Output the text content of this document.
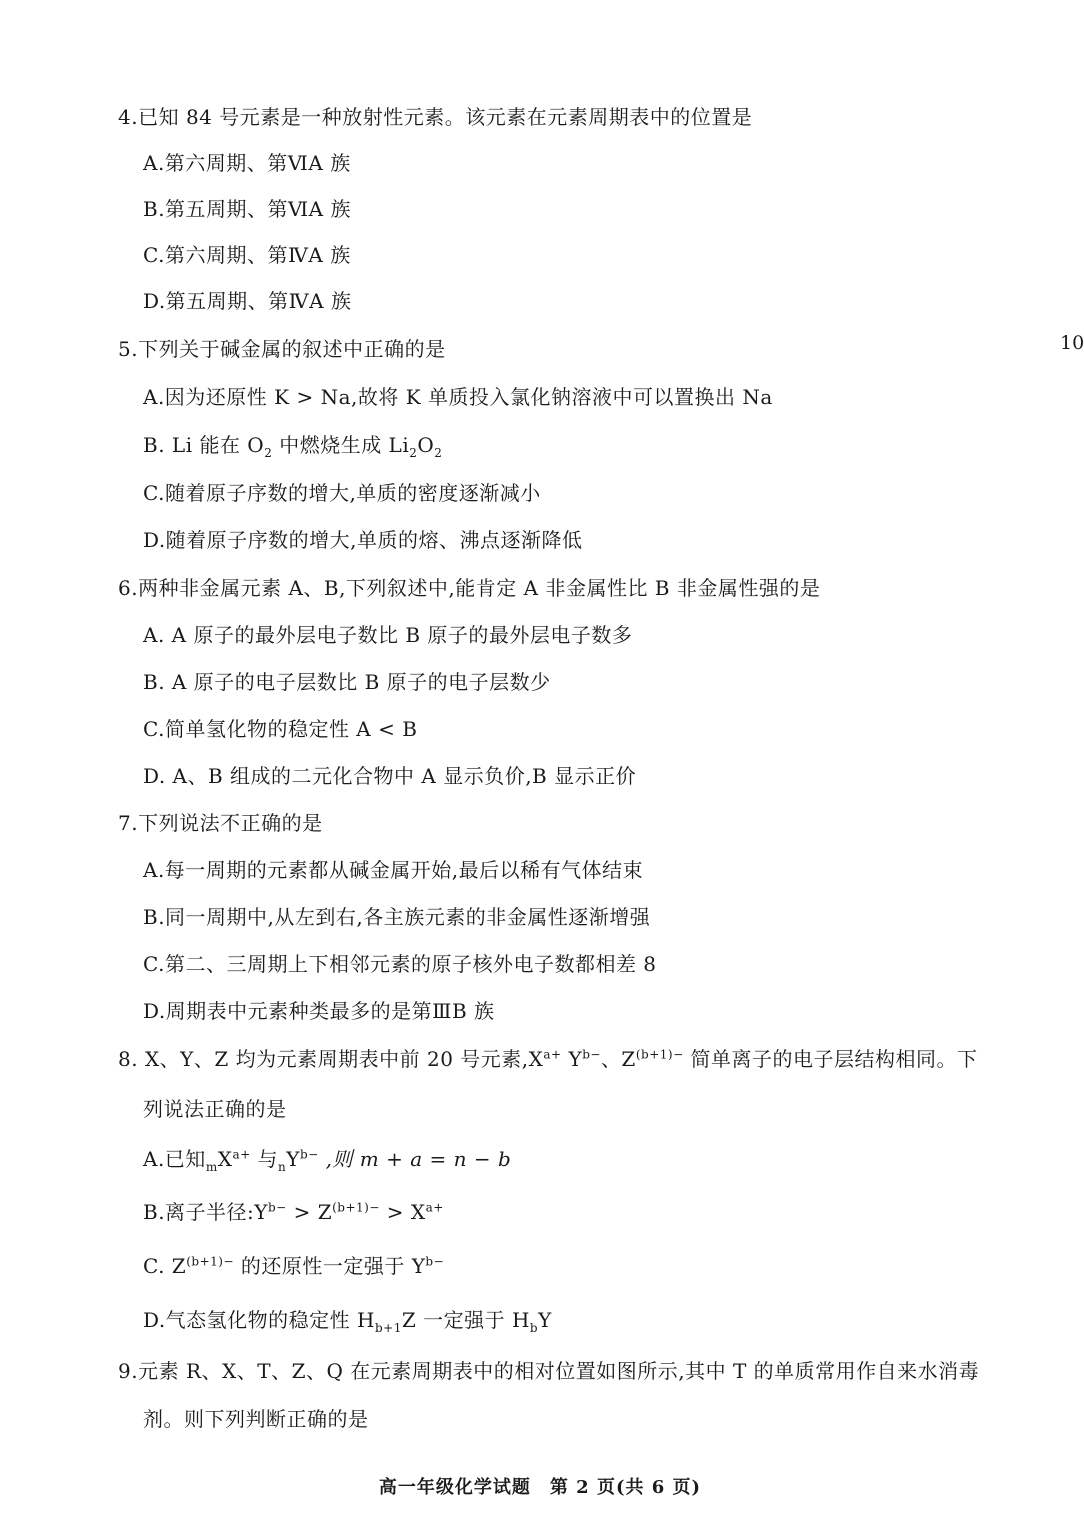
10
4.已知 84 号元素是一种放射性元素。该元素在元素周期表中的位置是
A.第六周期、第ⅥA 族
B.第五周期、第ⅥA 族
C.第六周期、第ⅣA 族
D.第五周期、第ⅣA 族
5.下列关于碱金属的叙述中正确的是
A.因为还原性 K > Na,故将 K 单质投入氯化钠溶液中可以置换出 Na
B. Li 能在 $O_2$ 中燃烧生成 $Li_2O_2$
C.随着原子序数的增大,单质的密度逐渐减小
D.随着原子序数的增大,单质的熔、沸点逐渐降低
6.两种非金属元素 A、B,下列叙述中,能肯定 A 非金属性比 B 非金属性强的是
A. A 原子的最外层电子数比 B 原子的最外层电子数多
B. A 原子的电子层数比 B 原子的电子层数少
C.简单氢化物的稳定性 A < B
D. A、B 组成的二元化合物中 A 显示负价,B 显示正价
7.下列说法不正确的是
A.每一周期的元素都从碱金属开始,最后以稀有气体结束
B.同一周期中,从左到右,各主族元素的非金属性逐渐增强
C.第二、三周期上下相邻元素的原子核外电子数都相差 8
D.周期表中元素种类最多的是第ⅢB 族
8. X、Y、Z 均为元素周期表中前 20 号元素$,X^{a+}$ $Y^{b-}$、$Z^{(b+1)-}$ 简单离子的电子层结构相同。下
列说法正确的是
A.已知$_mX^{a+}$ 与$_nY^{b-}$ ,则 m + a = n − b
B.离子半径$:Y^{b-} > Z^{(b+1)-} > X^{a+}$
C. $Z^{(b+1)-}$ 的还原性一定强于 $Y^{b-}$
D.气态氢化物的稳定性 $H_{b+1}Z$ 一定强于 $H_bY$
9.元素 R、X、T、Z、Q 在元素周期表中的相对位置如图所示,其中 T 的单质常用作自来水消毒
剂。则下列判断正确的是
高一年级化学试题　第 2 页(共 6 页)
